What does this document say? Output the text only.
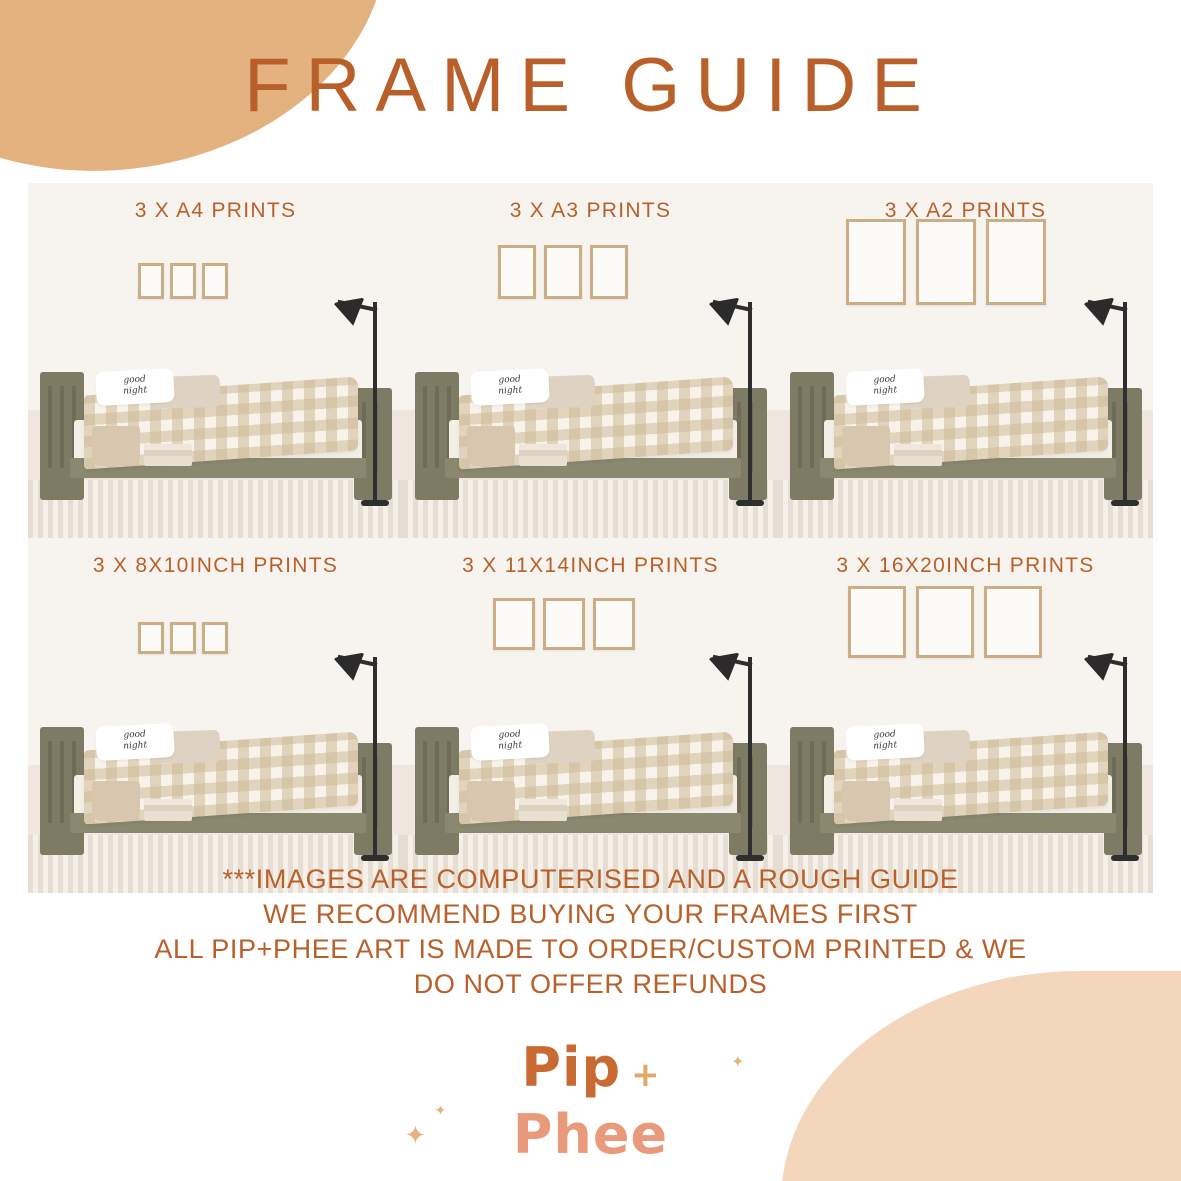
FRAME GUIDE
good
night
3 X A4 PRINTS
good
night
3 X A3 PRINTS
good
night
3 X A2 PRINTS
good
night
3 X 8X10INCH PRINTS
good
night
3 X 11X14INCH PRINTS
good
night
3 X 16X20INCH PRINTS
***IMAGES ARE COMPUTERISED AND A ROUGH GUIDE
WE RECOMMEND BUYING YOUR FRAMES FIRST
ALL PIP+PHEE ART IS MADE TO ORDER/CUSTOM PRINTED & WE
DO NOT OFFER REFUNDS
Pip +
Phee
✦
✦
✦
